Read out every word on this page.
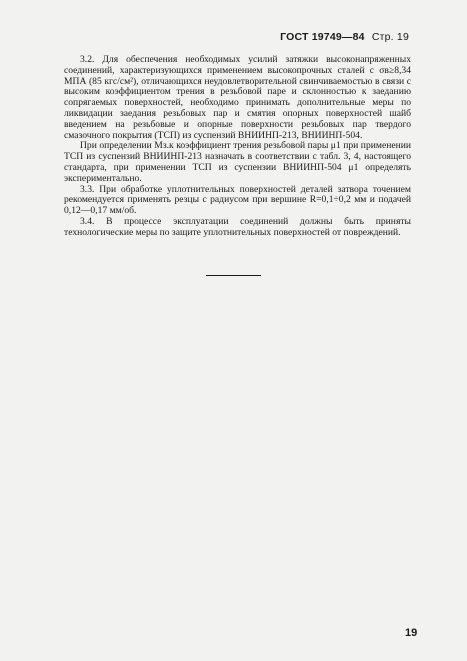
ГОСТ 19749—84 Стр. 19

3.2. Для обеспечения необходимых усилий затяжки высоконапряженных соединений, характеризующихся применением высокопрочных сталей с σв≥8,34 МПА (85 кгс/см²), отличающихся неудовлетворительной свинчиваемостью в связи с высоким коэффициентом трения в резьбовой паре и склонностью к заеданию сопрягаемых поверхностей, необходимо принимать дополнительные меры по ликвидации заедания резьбовых пар и смятия опорных поверхностей шайб введением на резьбовые и опорные поверхности резьбовых пар твердого смазочного покрытия (ТСП) из суспензий ВНИИНП-213, ВНИИНП-504.

При определении Mз.к коэффициент трения резьбовой пары μ1 при применении ТСП из суспензий ВНИИНП-213 назначать в соответствии с табл. 3, 4, настоящего стандарта, при применении ТСП из суспензии ВНИИНП-504 μ1 определять экспериментально.

3.3. При обработке уплотнительных поверхностей деталей затвора точением рекомендуется применять резцы с радиусом при вершине R=0,1÷0,2 мм и подачей 0,12—0,17 мм/об.

3.4. В процессе эксплуатации соединений должны быть приняты технологические меры по защите уплотнительных поверхностей от повреждений.

19
